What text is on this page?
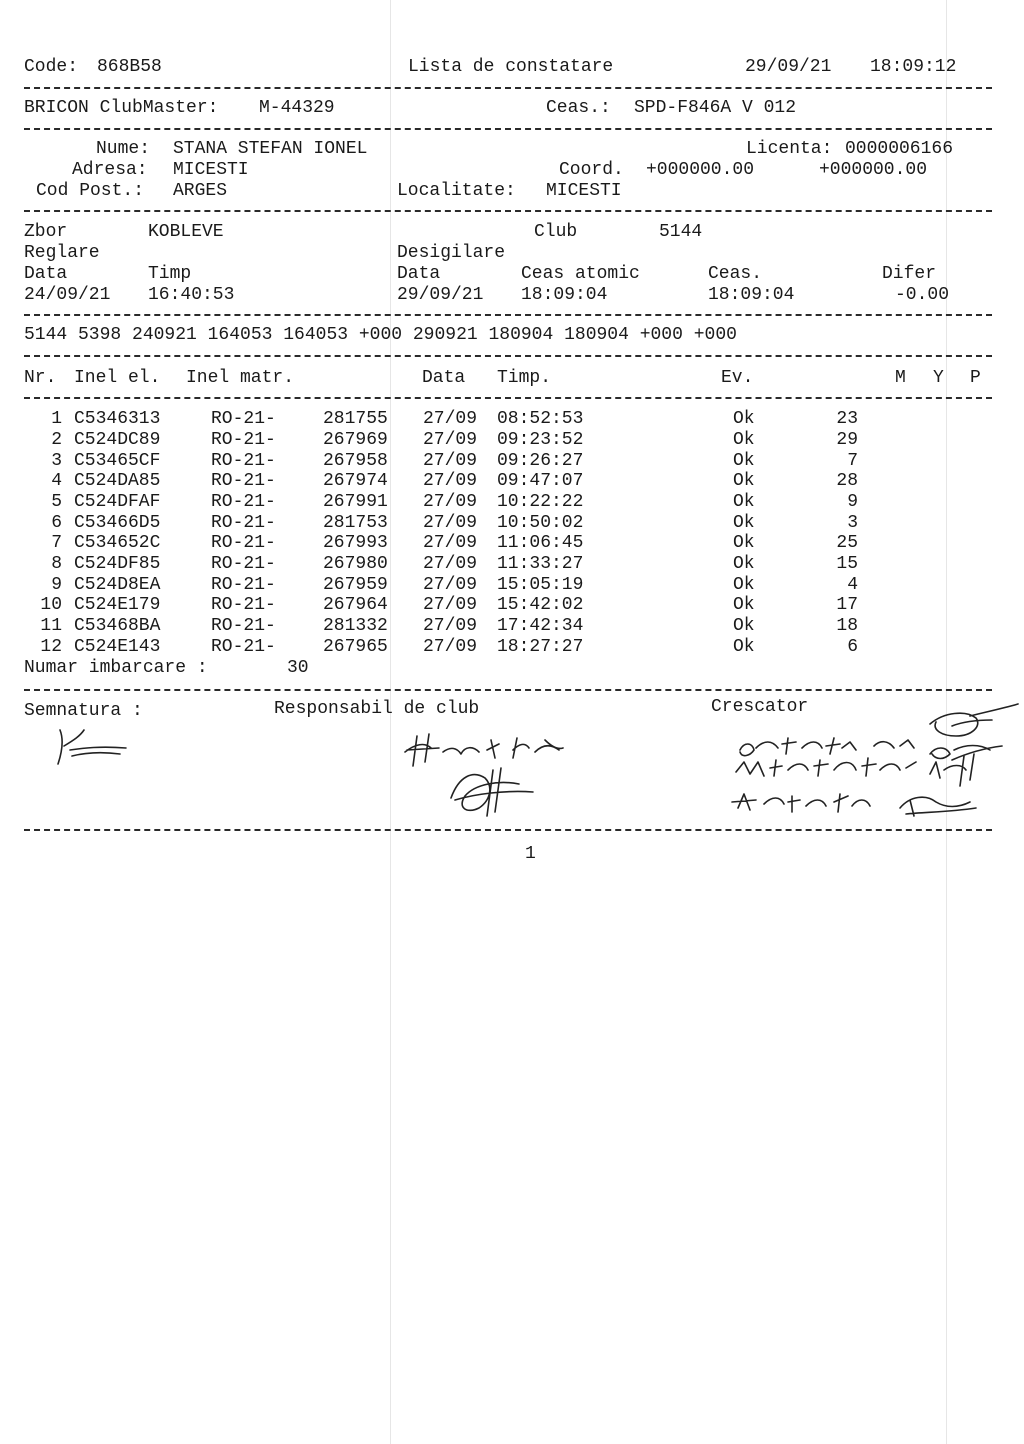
Code: 868B58	Lista de constatare	29/09/21 18:09:12
BRICON ClubMaster: M-44329	Ceas.: SPD-F846A V 012
Nume: STANA STEFAN IONEL	Licenta: 0000006166
Adresa: MICESTI	Coord. +000000.00	+000000.00
Cod Post.: ARGES	Localitate: MICESTI
Zbor	KOBLEVE	Club	5144
Reglare	Desigilare
Data	Timp	Data	Ceas atomic	Ceas.	Difer
24/09/21 16:40:53	29/09/21 18:09:04	18:09:04	-0.00
5144 5398 240921 164053 164053 +000 290921 180904 180904 +000 +000
Nr. Inel el. Inel matr.	Data Timp.	Ev.	M Y P
1 C5346313	RO-21-	281755 27/09 08:52:53	Ok	23
2 C524DC89	RO-21-	267969 27/09 09:23:52	Ok	29
3 C53465CF	RO-21-	267958 27/09 09:26:27	Ok	7
4 C524DA85	RO-21-	267974 27/09 09:47:07	Ok	28
5 C524DFAF	RO-21-	267991 27/09 10:22:22	Ok	9
6 C53466D5	RO-21-	281753 27/09 10:50:02	Ok	3
7 C534652C	RO-21-	267993 27/09 11:06:45	Ok	25
8 C524DF85	RO-21-	267980 27/09 11:33:27	Ok	15
9 C524D8EA	RO-21-	267959 27/09 15:05:19	Ok	4
10 C524E179	RO-21-	267964 27/09 15:42:02	Ok	17
11 C53468BA	RO-21-	281332 27/09 17:42:34	Ok	18
12 C524E143	RO-21-	267965 27/09 18:27:27	Ok	6
Numar imbarcare :	30
Semnatura :	Responsabil de club	Crescator
1
